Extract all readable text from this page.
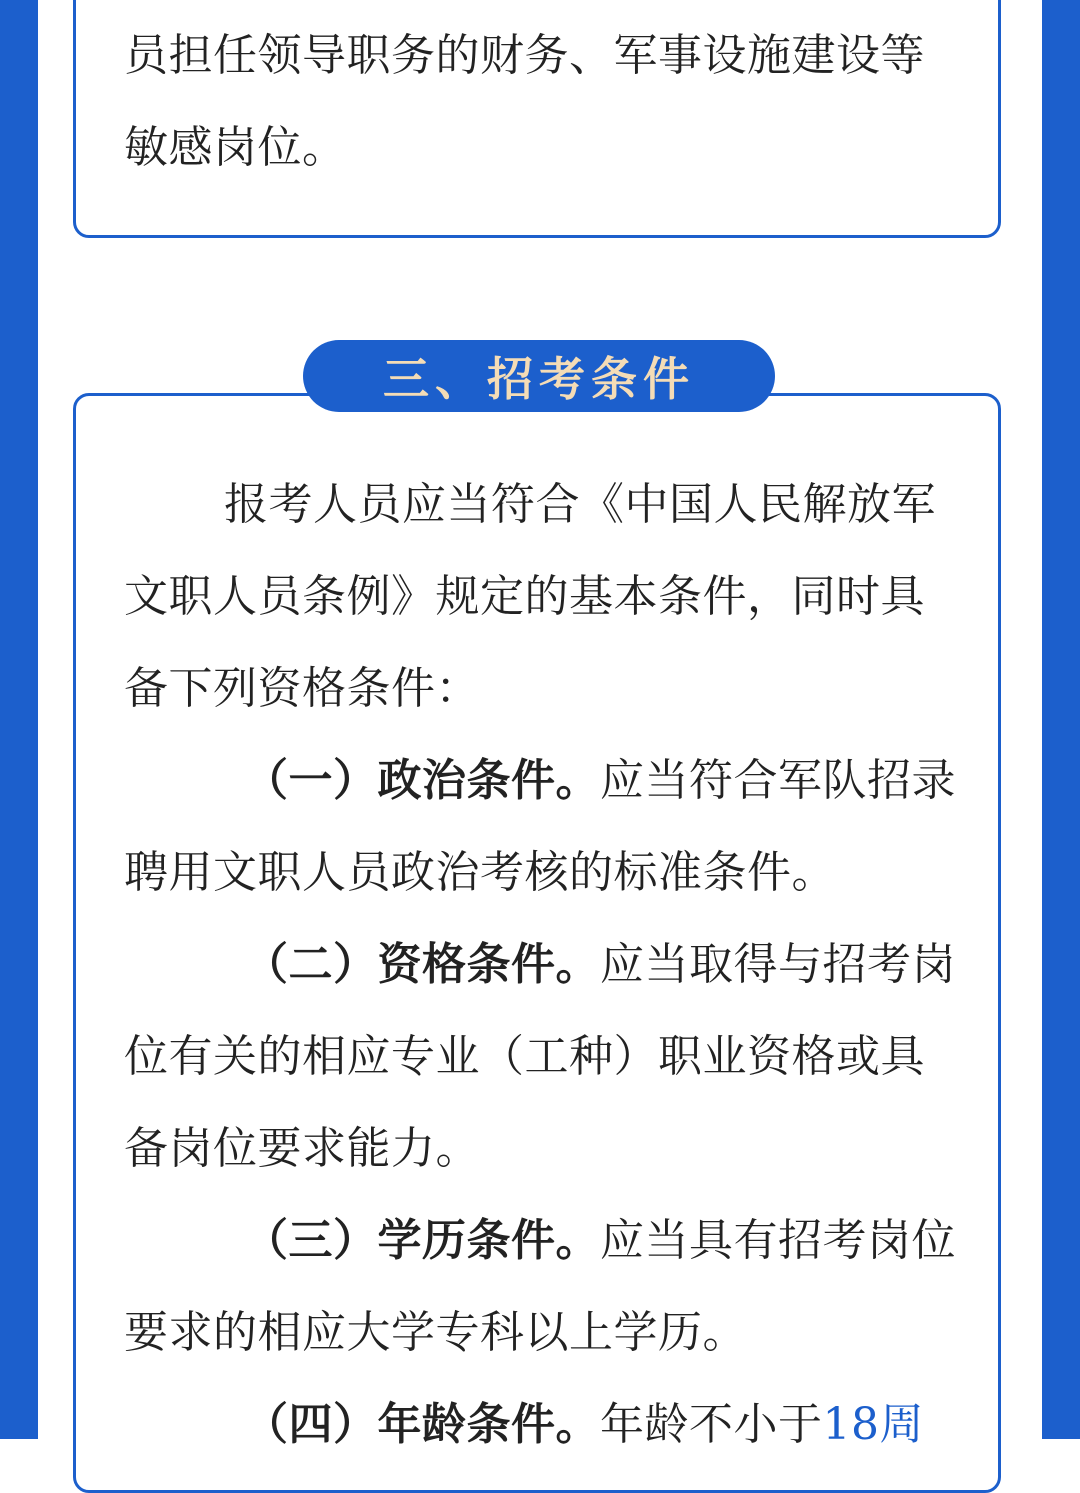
员担任领导职务的财务、军事设施建设等
敏感岗位。
三、招考条件
报考人员应当符合《中国人民解放军
文职人员条例》规定的基本条件，同时具
备下列资格条件：
（一）政治条件。应当符合军队招录
聘用文职人员政治考核的标准条件。
（二）资格条件。应当取得与招考岗
位有关的相应专业（工种）职业资格或具
备岗位要求能力。
（三）学历条件。应当具有招考岗位
要求的相应大学专科以上学历。
（四）年龄条件。年龄不小于18周
